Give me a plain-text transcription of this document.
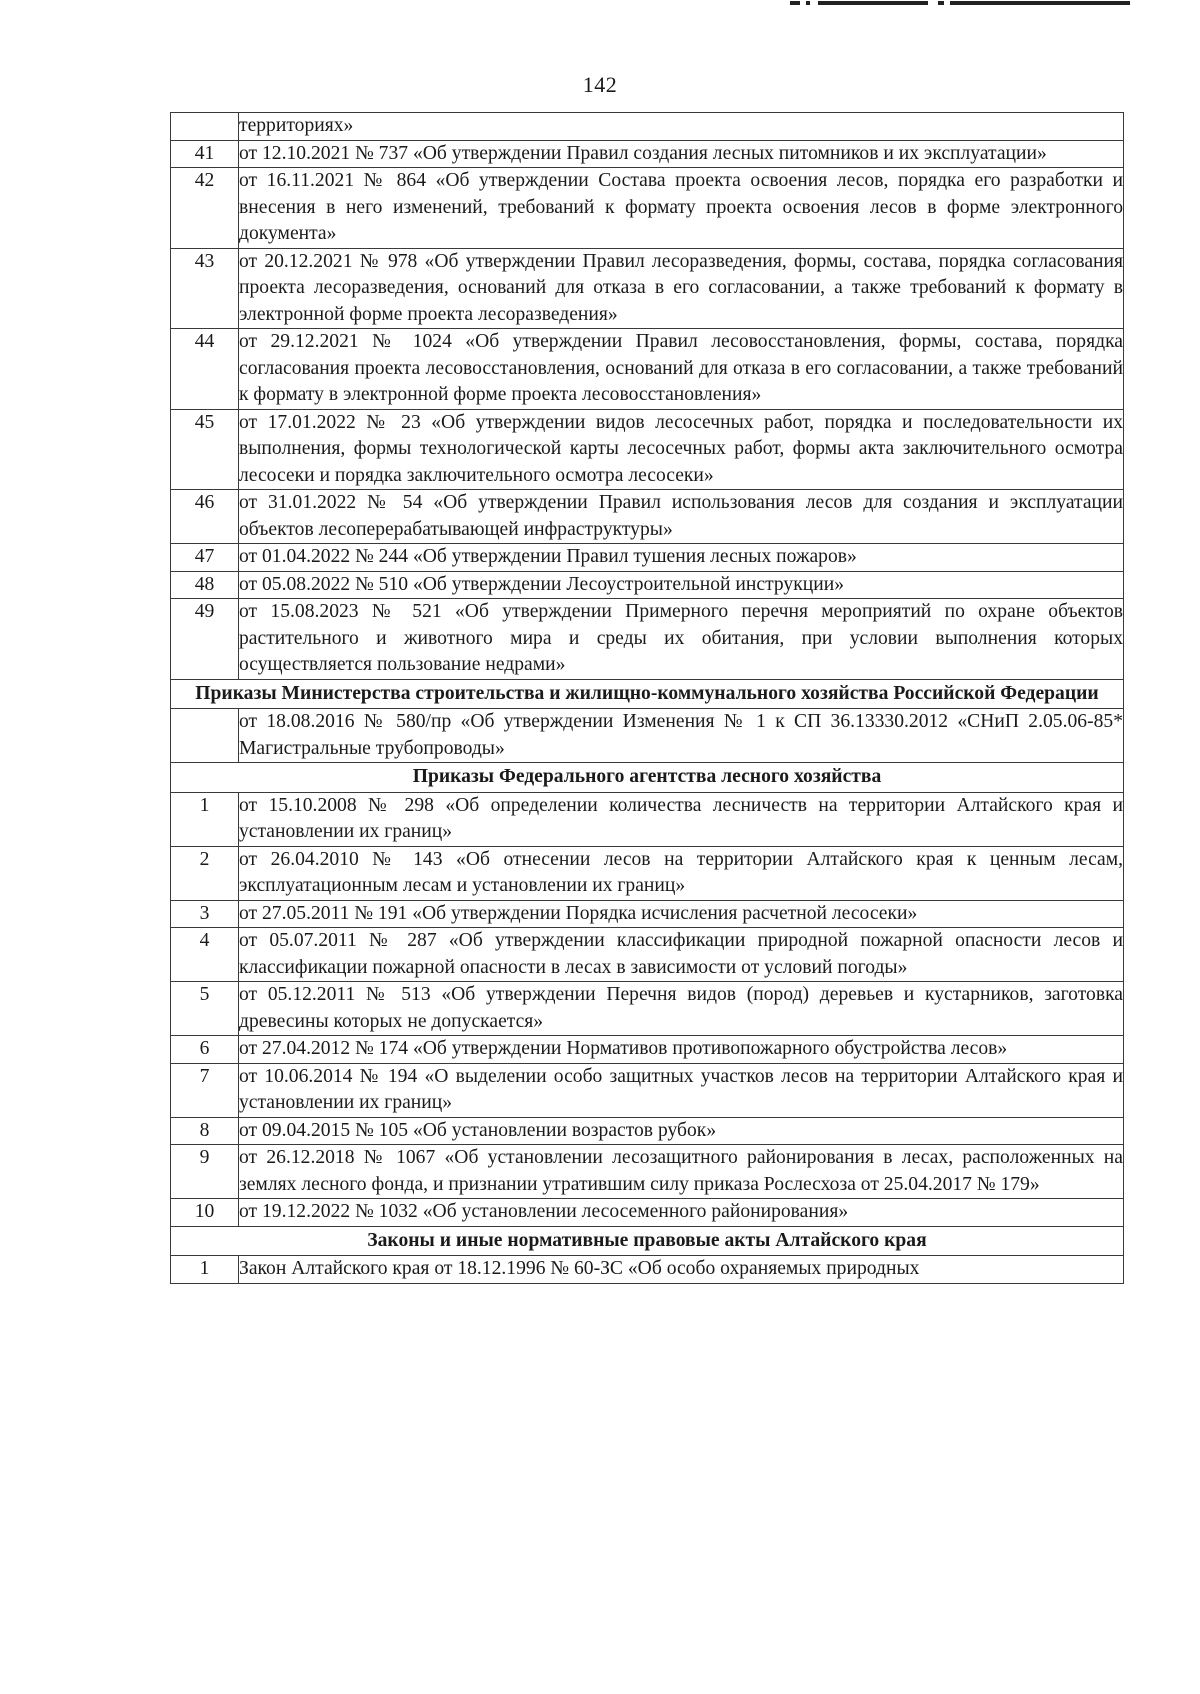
142
	территориях»
41	от 12.10.2021 № 737 «Об утверждении Правил создания лесных питомников и их эксплуатации»
42	от 16.11.2021 № 864 «Об утверждении Состава проекта освоения лесов, порядка его разработки и внесения в него изменений, требований к формату проекта освоения лесов в форме электронного документа»
43	от 20.12.2021 № 978 «Об утверждении Правил лесоразведения, формы, состава, порядка согласования проекта лесоразведения, оснований для отказа в его согласовании, а также требований к формату в электронной форме проекта лесоразведения»
44	от 29.12.2021 № 1024 «Об утверждении Правил лесовосстановления, формы, состава, порядка согласования проекта лесовосстановления, оснований для отказа в его согласовании, а также требований к формату в электронной форме проекта лесовосстановления»
45	от 17.01.2022 № 23 «Об утверждении видов лесосечных работ, порядка и последовательности их выполнения, формы технологической карты лесосечных работ, формы акта заключительного осмотра лесосеки и порядка заключительного осмотра лесосеки»
46	от 31.01.2022 № 54 «Об утверждении Правил использования лесов для создания и эксплуатации объектов лесоперерабатывающей инфраструктуры»
47	от 01.04.2022 № 244 «Об утверждении Правил тушения лесных пожаров»
48	от 05.08.2022 № 510 «Об утверждении Лесоустроительной инструкции»
49	от 15.08.2023 № 521 «Об утверждении Примерного перечня мероприятий по охране объектов растительного и животного мира и среды их обитания, при условии выполнения которых осуществляется пользование недрами»
Приказы Министерства строительства и жилищно-коммунального хозяйства Российской Федерации	
	от 18.08.2016 № 580/пр «Об утверждении Изменения № 1 к СП 36.13330.2012 «СНиП 2.05.06-85* Магистральные трубопроводы»
Приказы Федерального агентства лесного хозяйства	
1	от 15.10.2008 № 298 «Об определении количества лесничеств на территории Алтайского края и установлении их границ»
2	от 26.04.2010 № 143 «Об отнесении лесов на территории Алтайского края к ценным лесам, эксплуатационным лесам и установлении их границ»
3	от 27.05.2011 № 191 «Об утверждении Порядка исчисления расчетной лесосеки»
4	от 05.07.2011 № 287 «Об утверждении классификации природной пожарной опасности лесов и классификации пожарной опасности в лесах в зависимости от условий погоды»
5	от 05.12.2011 № 513 «Об утверждении Перечня видов (пород) деревьев и кустарников, заготовка древесины которых не допускается»
6	от 27.04.2012 № 174 «Об утверждении Нормативов противопожарного обустройства лесов»
7	от 10.06.2014 № 194 «О выделении особо защитных участков лесов на территории Алтайского края и установлении их границ»
8	от 09.04.2015 № 105 «Об установлении возрастов рубок»
9	от 26.12.2018 № 1067 «Об установлении лесозащитного районирования в лесах, расположенных на землях лесного фонда, и признании утратившим силу приказа Рослесхоза от 25.04.2017 № 179»
10	от 19.12.2022 № 1032 «Об установлении лесосеменного районирования»
Законы и иные нормативные правовые акты Алтайского края	
1	Закон Алтайского края от 18.12.1996 № 60-ЗС «Об особо охраняемых природных
